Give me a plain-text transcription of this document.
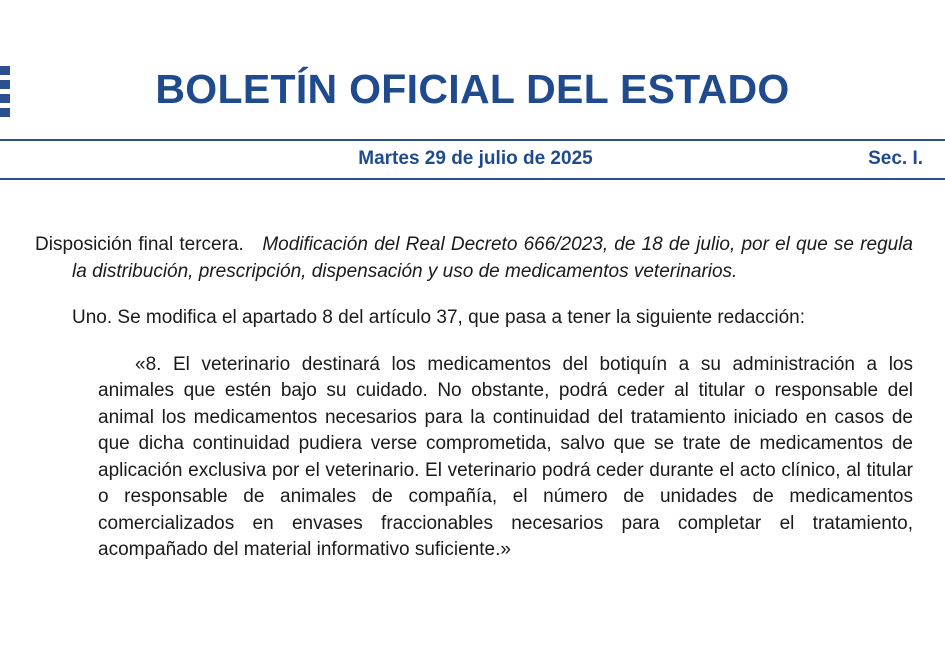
BOLETÍN OFICIAL DEL ESTADO
Martes 29 de julio de 2025	Sec. I.

Disposición final tercera. Modificación del Real Decreto 666/2023, de 18 de julio, por el que se regula la distribución, prescripción, dispensación y uso de medicamentos veterinarios.

Uno. Se modifica el apartado 8 del artículo 37, que pasa a tener la siguiente redacción:

«8. El veterinario destinará los medicamentos del botiquín a su administración a los animales que estén bajo su cuidado. No obstante, podrá ceder al titular o responsable del animal los medicamentos necesarios para la continuidad del tratamiento iniciado en casos de que dicha continuidad pudiera verse comprometida, salvo que se trate de medicamentos de aplicación exclusiva por el veterinario. El veterinario podrá ceder durante el acto clínico, al titular o responsable de animales de compañía, el número de unidades de medicamentos comercializados en envases fraccionables necesarios para completar el tratamiento, acompañado del material informativo suficiente.»
